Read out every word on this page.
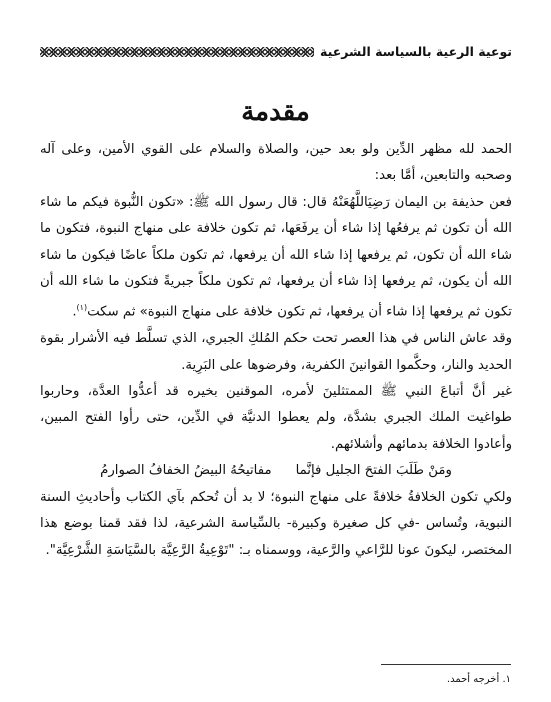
توعية الرعية بالسياسة الشرعية
مقدمة

الحمد لله مظهر الدِّين ولو بعد حين، والصلاة والسلام على القوي الأمين، وعلى آله وصحبه والتابعين، أمَّا بعد:

فعن حذيفة بن اليمان رَضِيَاللَّهُعَنْهُ قال: قال رسول الله ﷺ: «تكون النُّبوة فيكم ما شاء الله أن تكون ثم يرفعُها إذا شاء أن يرفَعَها، ثم تكون خلافة على منهاج النبوة، فتكون ما شاء الله أن تكون، ثم يرفعها إذا شاء الله أن يرفعها، ثم تكون ملكاً عاضًا فيكون ما شاء الله أن يكون، ثم يرفعها إذا شاء أن يرفعها، ثم تكون ملكاً جبريةً فتكون ما شاء الله أن تكون ثم يرفعها إذا شاء أن يرفعها، ثم تكون خلافة على منهاج النبوة» ثم سكت$^{(١)}$.

وقد عاش الناس في هذا العصر تحت حكم المُلكِ الجبري، الذي تسلَّط فيه الأشرار بقوة الحديد والنار، وحكَّموا القوانينَ الكفرية، وفرضوها على البَرِية.

غير أنَّ أتباعَ النبي ﷺ الممتثلينَ لأمره، الموقنين بخيره قد أعدُّوا العدَّة، وحاربوا طواغيت الملك الجبري بشدَّة، ولم يعطوا الدنيَّة في الدِّين، حتى رأوا الفتح المبين، وأعادوا الخلافة بدمائهم وأشلائهم.

ومَنْ طَلَبَ الفتحَ الجليل فإنَّما
مفاتيحُهُ البيضُ الخفافُ الصوارمُ

ولكي تكون الخلافةُ خلافةً على منهاج النبوة؛ لا بد أن تُحكم بآي الكتاب وأحاديثِ السنة النبوية، وتُساس -في كل صغيرة وكبيرة- بالسِّياسة الشرعية، لذا فقد قمنا بوضع هذا المختصر، ليكونَ عونا للرَّاعي والرَّعية، ووسمناه بـ: "تَوْعِيةُ الرَّعِيَّة بالسَّيَاسَةِ الشَّرْعِيَّة".

١. أخرجه أحمد.
